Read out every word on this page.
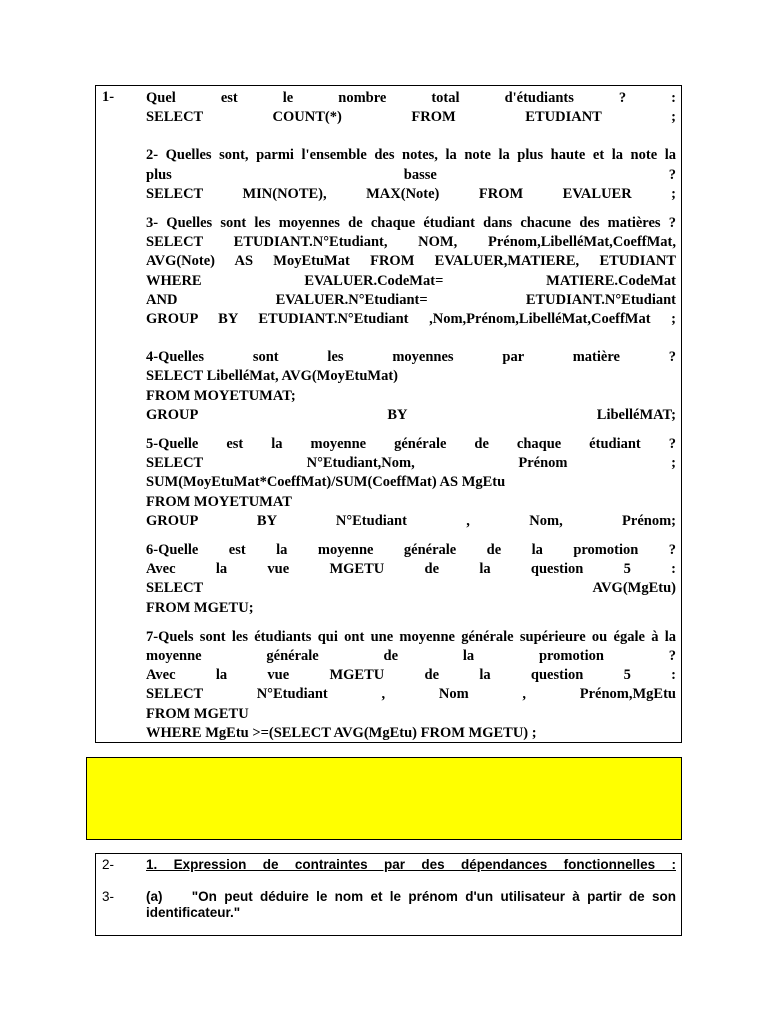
1- Quel est le nombre total d'étudiants ? :

SELECT COUNT(*) FROM ETUDIANT ;

2- Quelles sont, parmi l'ensemble des notes, la note la plus haute et la note la

plus basse ?

SELECT MIN(NOTE), MAX(Note) FROM EVALUER ;

3- Quelles sont les moyennes de chaque étudiant dans chacune des matières ?

SELECT ETUDIANT.N°Etudiant, NOM, Prénom,LibelléMat,CoeffMat,

AVG(Note) AS MoyEtuMat FROM EVALUER,MATIERE, ETUDIANT

WHERE EVALUER.CodeMat= MATIERE.CodeMat

AND EVALUER.N°Etudiant= ETUDIANT.N°Etudiant

GROUP BY ETUDIANT.N°Etudiant ,Nom,Prénom,LibelléMat,CoeffMat ;

4-Quelles sont les moyennes par matière ?

SELECT LibelléMat, AVG(MoyEtuMat)

FROM MOYETUMAT;

GROUP BY LibelléMAT;

5-Quelle est la moyenne générale de chaque étudiant ?

SELECT N°Etudiant,Nom, Prénom ;

SUM(MoyEtuMat*CoeffMat)/SUM(CoeffMat) AS MgEtu

FROM MOYETUMAT

GROUP BY N°Etudiant , Nom, Prénom;

6-Quelle est la moyenne générale de la promotion ?

Avec la vue MGETU de la question 5 :

SELECT AVG(MgEtu)

FROM MGETU;

7-Quels sont les étudiants qui ont une moyenne générale supérieure ou égale à la

moyenne générale de la promotion ?

Avec la vue MGETU de la question 5 :

SELECT N°Etudiant , Nom , Prénom,MgEtu

FROM MGETU

WHERE MgEtu >=(SELECT AVG(MgEtu) FROM MGETU) ;

2-
3-

1. Expression de contraintes par des dépendances fonctionnelles :

(a) "On peut déduire le nom et le prénom d'un utilisateur à partir de son

identificateur."
